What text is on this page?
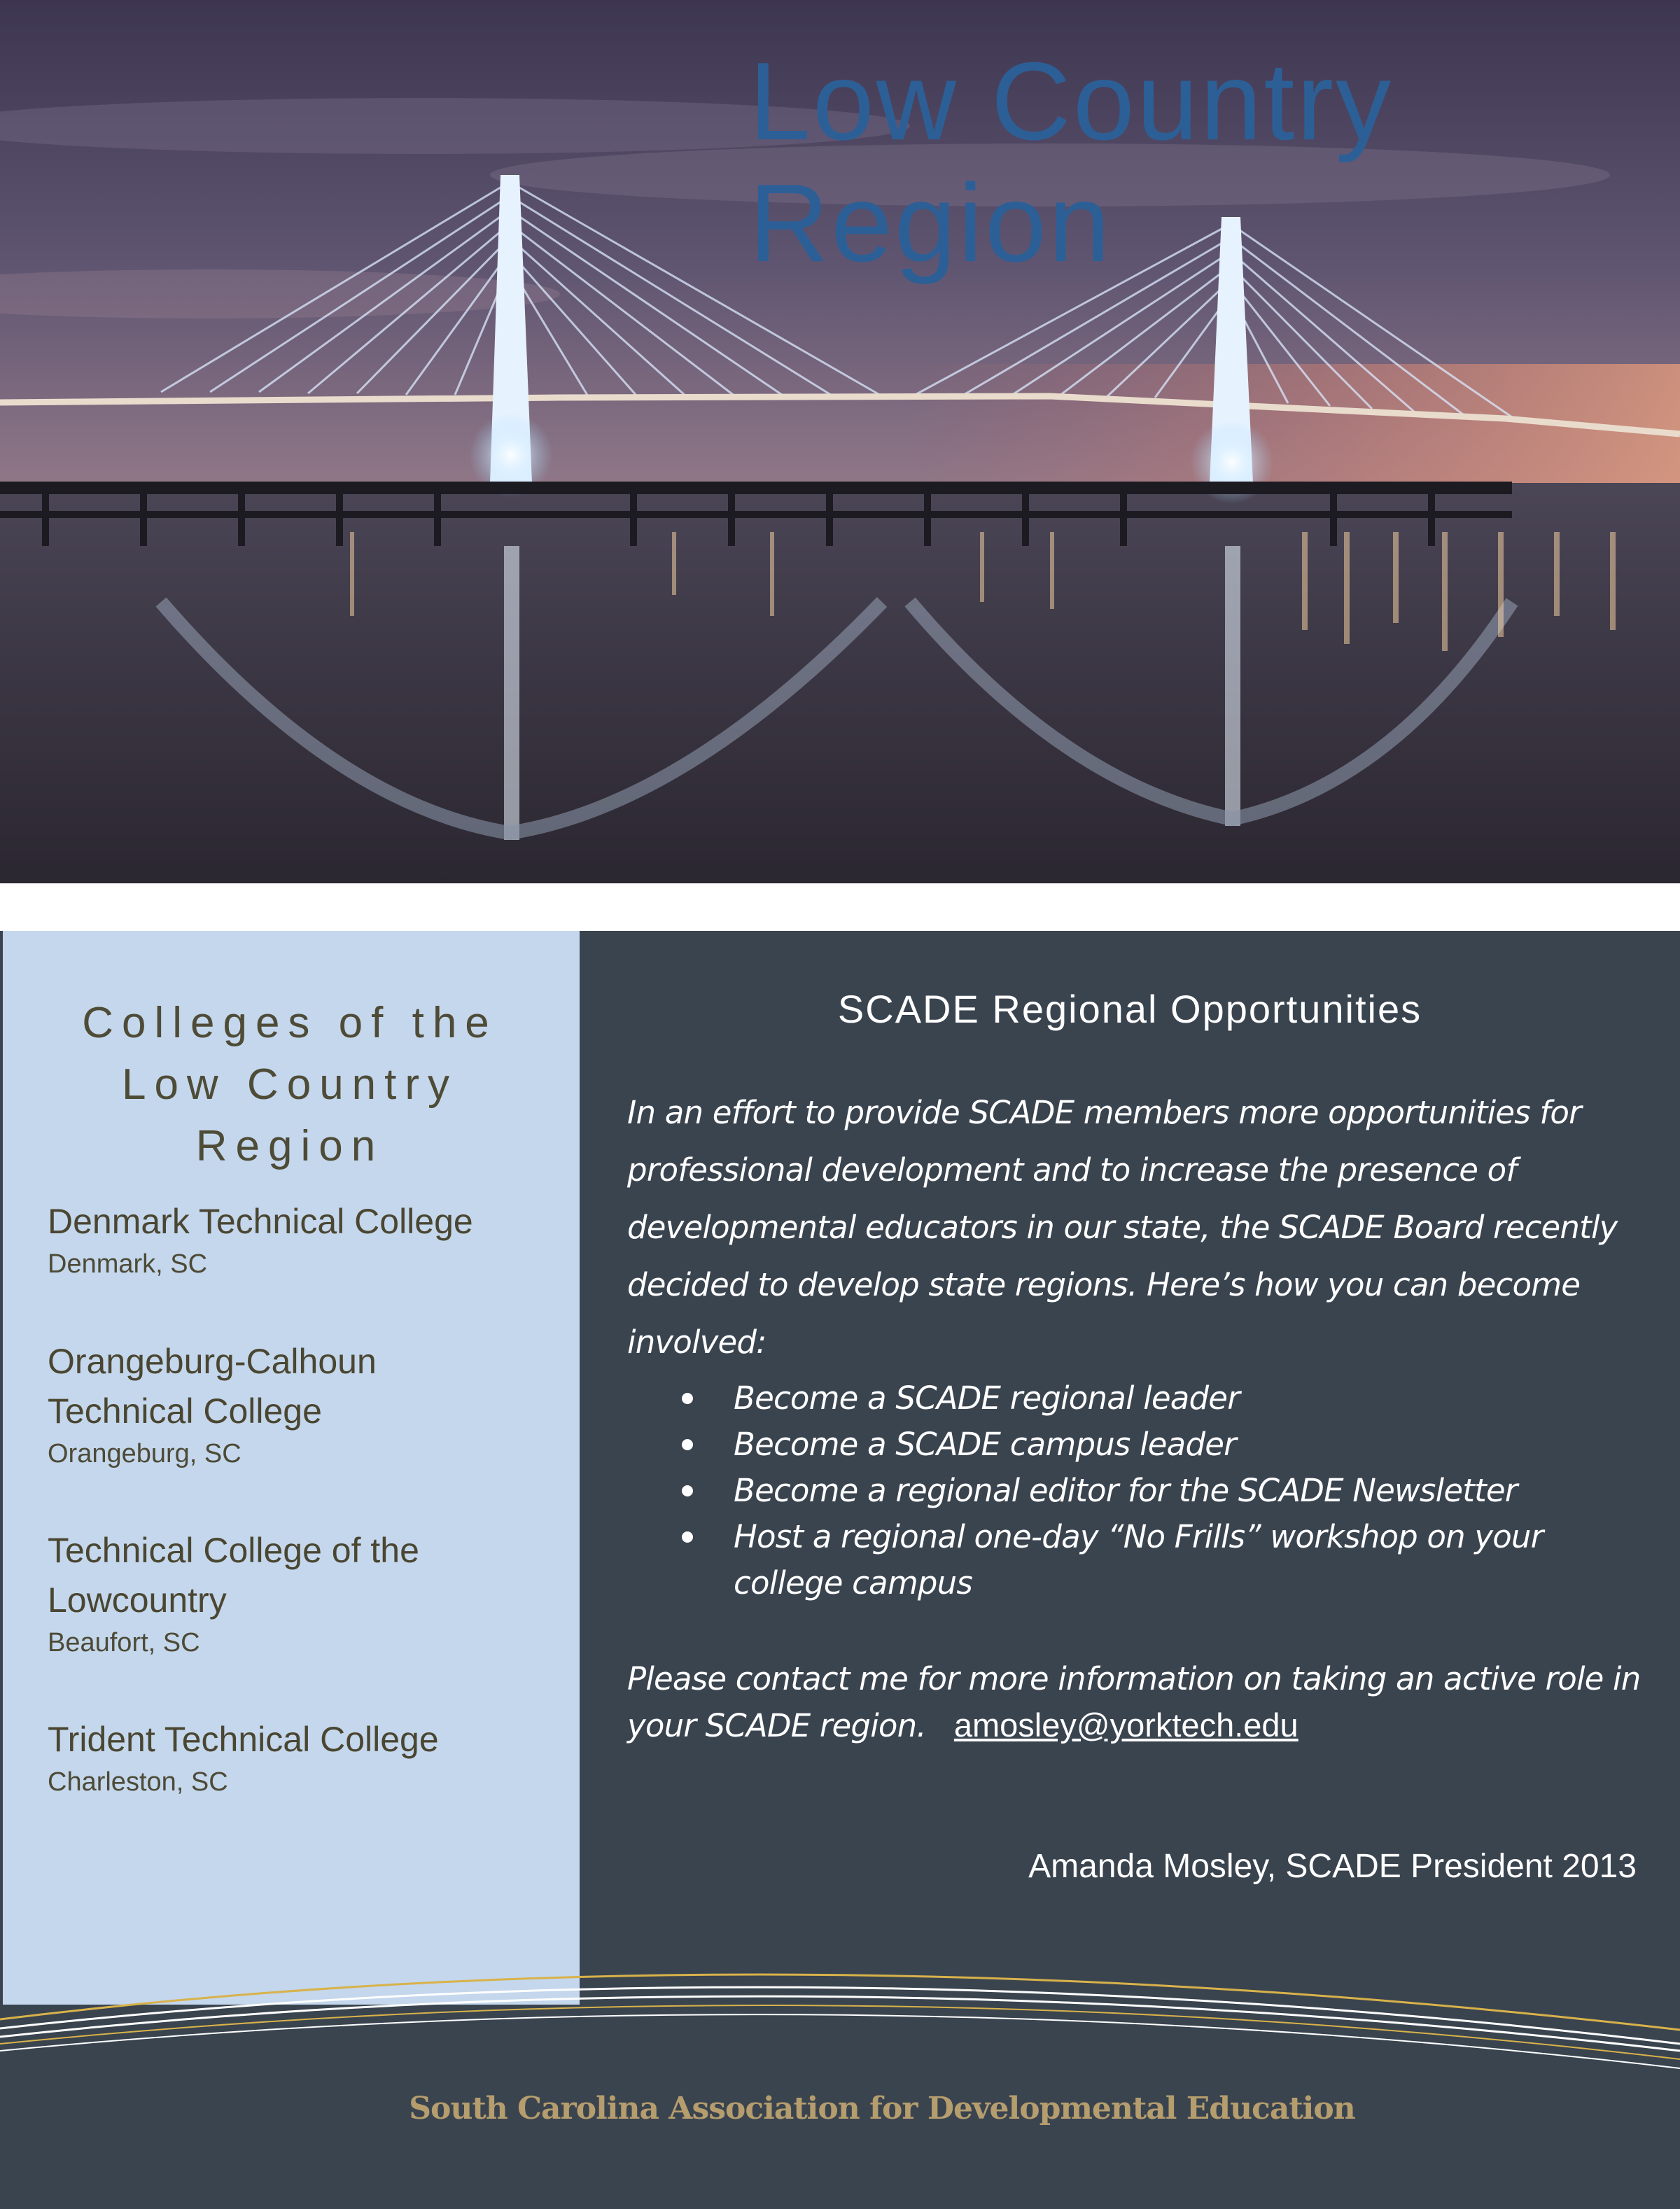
Low Country
Region
Colleges of the
Low Country
Region
Denmark Technical College
Denmark, SC
Orangeburg-Calhoun
Technical College
Orangeburg, SC
Technical College of the
Lowcountry
Beaufort, SC
Trident Technical College
Charleston, SC
SCADE Regional Opportunities

In an effort to provide SCADE members more opportunities for professional development and to increase the presence of developmental educators in our state, the SCADE Board recently decided to develop state regions. Here’s how you can become involved:

Become a SCADE regional leader
Become a SCADE campus leader
Become a regional editor for the SCADE Newsletter
Host a regional one-day “No Frills” workshop on your college campus

Please contact me for more information on taking an active role in your SCADE region. amosley@yorktech.edu

Amanda Mosley, SCADE President 2013

South Carolina Association for Developmental Education
